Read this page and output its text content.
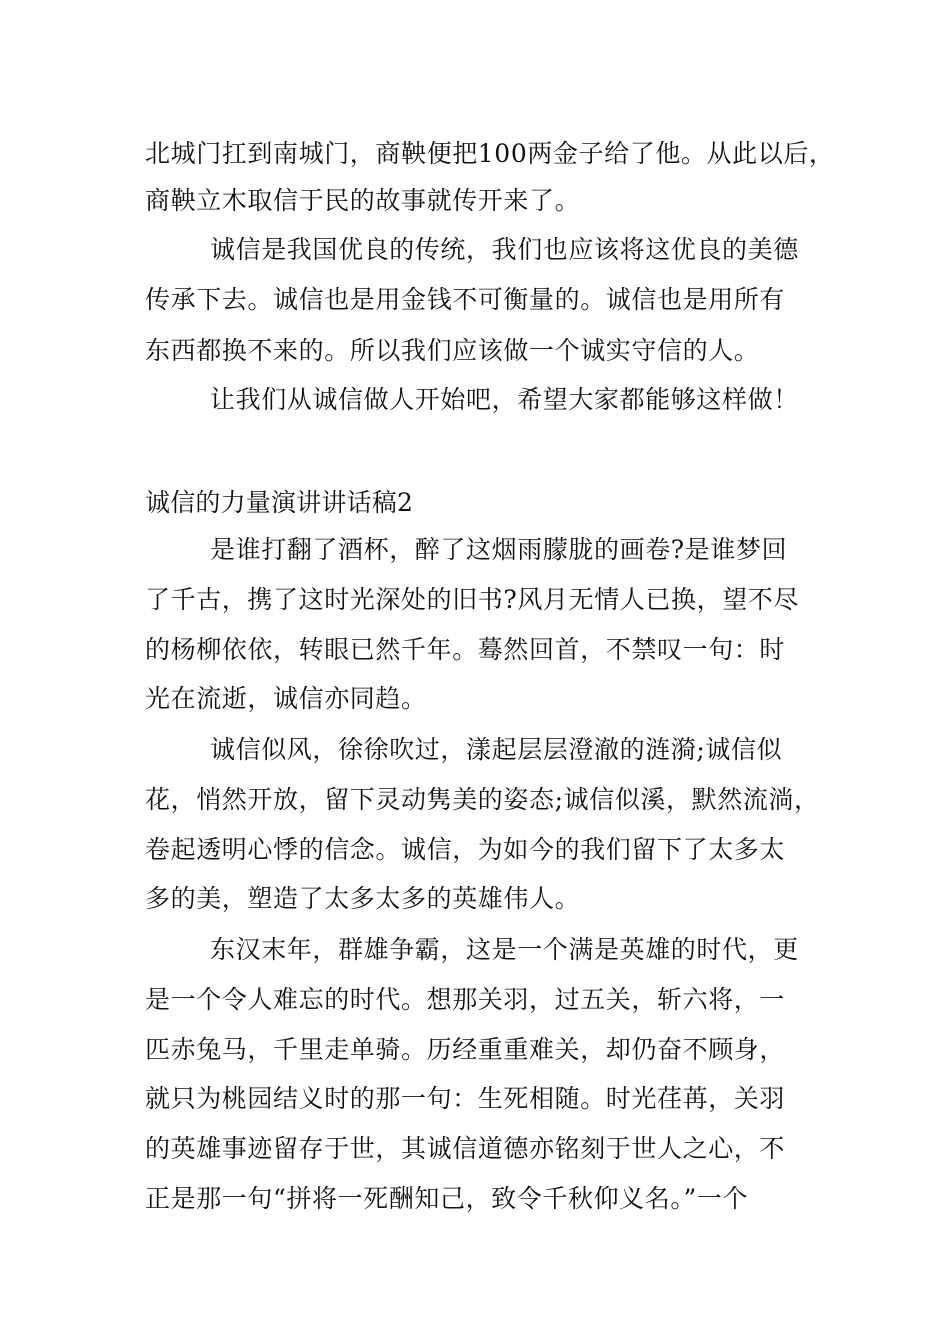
北城门扛到南城门，商鞅便把100两金子给了他。从此以后，

商鞅立木取信于民的故事就传开来了。

诚信是我国优良的传统，我们也应该将这优良的美德

传承下去。诚信也是用金钱不可衡量的。诚信也是用所有

东西都换不来的。所以我们应该做一个诚实守信的人。

让我们从诚信做人开始吧，希望大家都能够这样做！

诚信的力量演讲讲话稿2

是谁打翻了酒杯，醉了这烟雨朦胧的画卷?是谁梦回

了千古，携了这时光深处的旧书?风月无情人已换，望不尽

的杨柳依依，转眼已然千年。蓦然回首，不禁叹一句：时

光在流逝，诚信亦同趋。

诚信似风，徐徐吹过，漾起层层澄澈的涟漪;诚信似

花，悄然开放，留下灵动隽美的姿态;诚信似溪，默然流淌，

卷起透明心悸的信念。诚信，为如今的我们留下了太多太

多的美，塑造了太多太多的英雄伟人。

东汉末年，群雄争霸，这是一个满是英雄的时代，更

是一个令人难忘的时代。想那关羽，过五关，斩六将，一

匹赤兔马，千里走单骑。历经重重难关，却仍奋不顾身，

就只为桃园结义时的那一句：生死相随。时光荏苒，关羽

的英雄事迹留存于世，其诚信道德亦铭刻于世人之心，不

正是那一句“拼将一死酬知己，致令千秋仰义名。”一个
